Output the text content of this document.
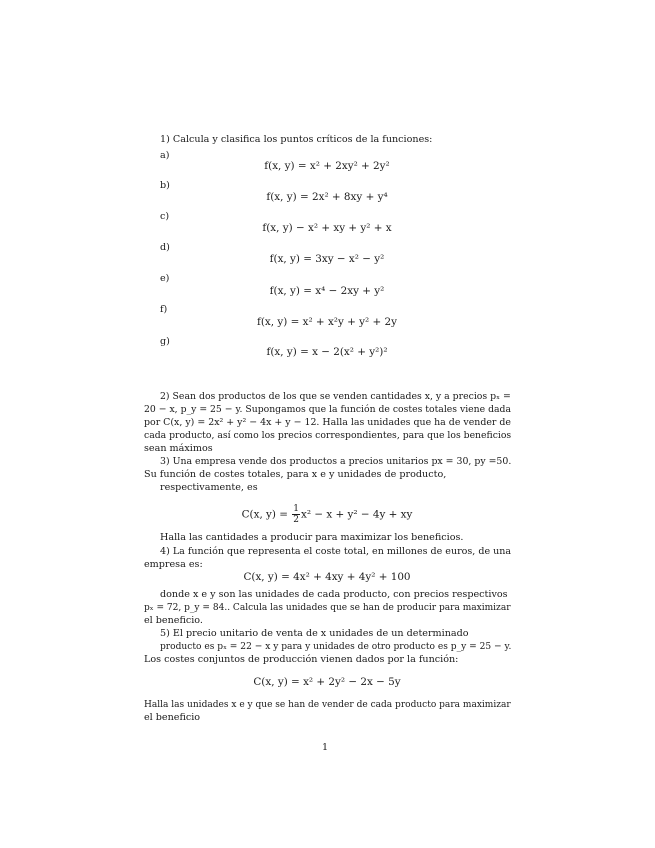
1) Calcula y clasifica los puntos críticos de la funciones:
a)
f(x, y) = x² + 2xy² + 2y²
b)
f(x, y) = 2x² + 8xy + y⁴
c)
f(x, y) − x² + xy + y² + x
d)
f(x, y) = 3xy − x² − y²
e)
f(x, y) = x⁴ − 2xy + y²
f)
f(x, y) = x² + x²y + y² + 2y
g)
f(x, y) = x − 2(x² + y²)²
2) Sean dos productos de los que se venden cantidades x, y a precios pₓ =
20 − x, p_y = 25 − y. Supongamos que la función de costes totales viene dada
por C(x, y) = 2x² + y² − 4x + y − 12. Halla las unidades que ha de vender de
cada producto, así como los precios correspondientes, para que los beneficios
sean máximos
3) Una empresa vende dos productos a precios unitarios px = 30, py =50.
Su función de costes totales, para x e y unidades de producto,
respectivamente, es
C(x, $y) = \frac{1}{2} x^2 - x + y^2 - 4y$ + xy
Halla las cantidades a producir para maximizar los beneficios.
4) La función que representa el coste total, en millones de euros, de una
empresa es:
C(x, y) = 4x² + 4xy + 4y² + 100
donde x e y son las unidades de cada producto, con precios respectivos
pₓ = 72, p_y = 84.. Calcula las unidades que se han de producir para maximizar
el beneficio.
5) El precio unitario de venta de x unidades de un determinado
producto es pₓ = 22 − x y para y unidades de otro producto es p_y = 25 − y.
Los costes conjuntos de producción vienen dados por la función:
C(x, y) = x² + 2y² − 2x − 5y
Halla las unidades x e y que se han de vender de cada producto para maximizar
el beneficio
1
